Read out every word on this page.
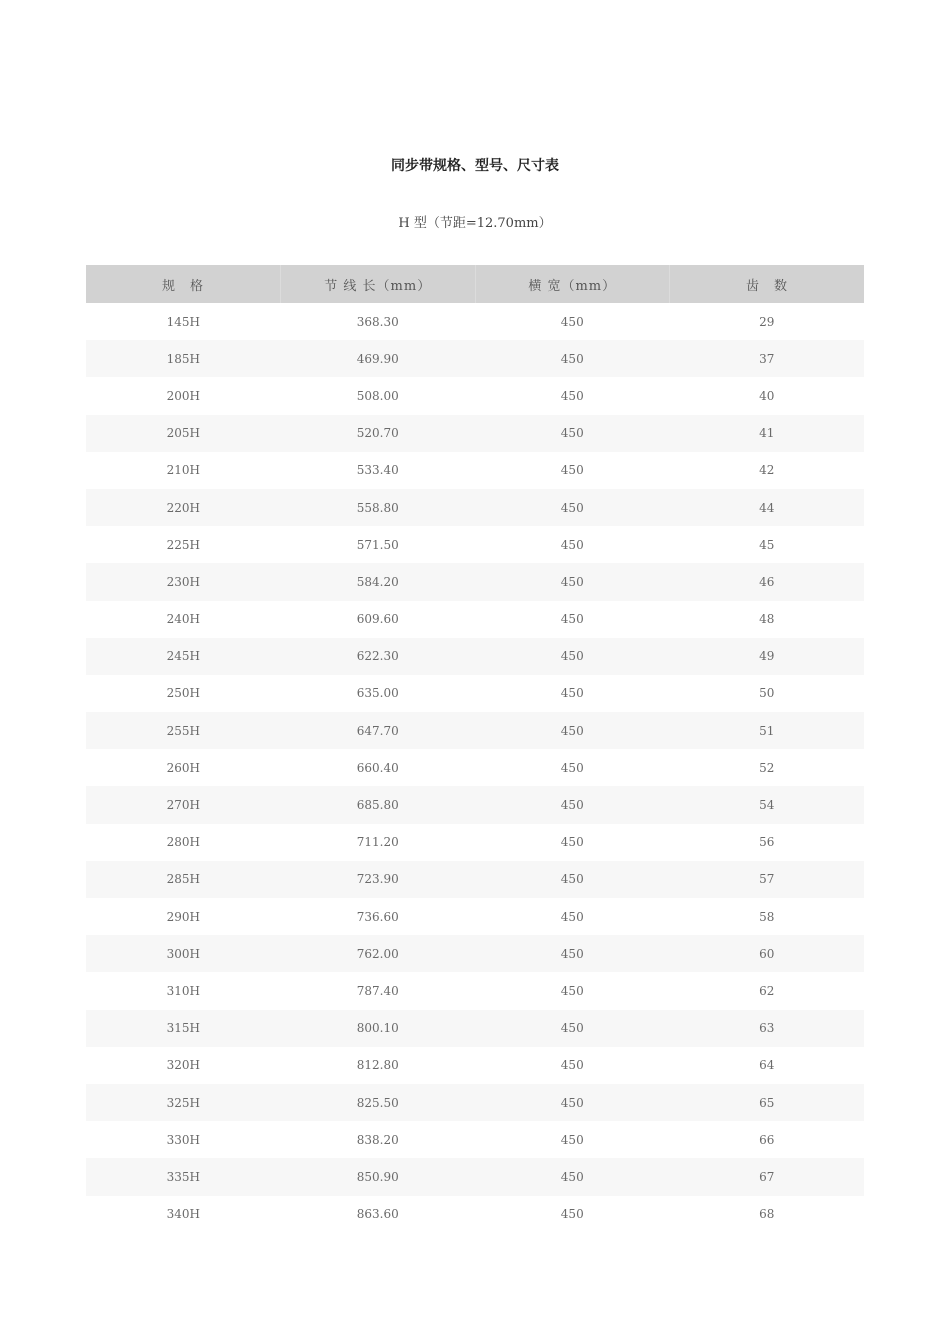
同步带规格、型号、尺寸表
H 型（节距=12.70mm）
规　格	节 线 长（mm）	横 宽（mm）	齿　数
145H	368.30	450	29
185H	469.90	450	37
200H	508.00	450	40
205H	520.70	450	41
210H	533.40	450	42
220H	558.80	450	44
225H	571.50	450	45
230H	584.20	450	46
240H	609.60	450	48
245H	622.30	450	49
250H	635.00	450	50
255H	647.70	450	51
260H	660.40	450	52
270H	685.80	450	54
280H	711.20	450	56
285H	723.90	450	57
290H	736.60	450	58
300H	762.00	450	60
310H	787.40	450	62
315H	800.10	450	63
320H	812.80	450	64
325H	825.50	450	65
330H	838.20	450	66
335H	850.90	450	67
340H	863.60	450	68
